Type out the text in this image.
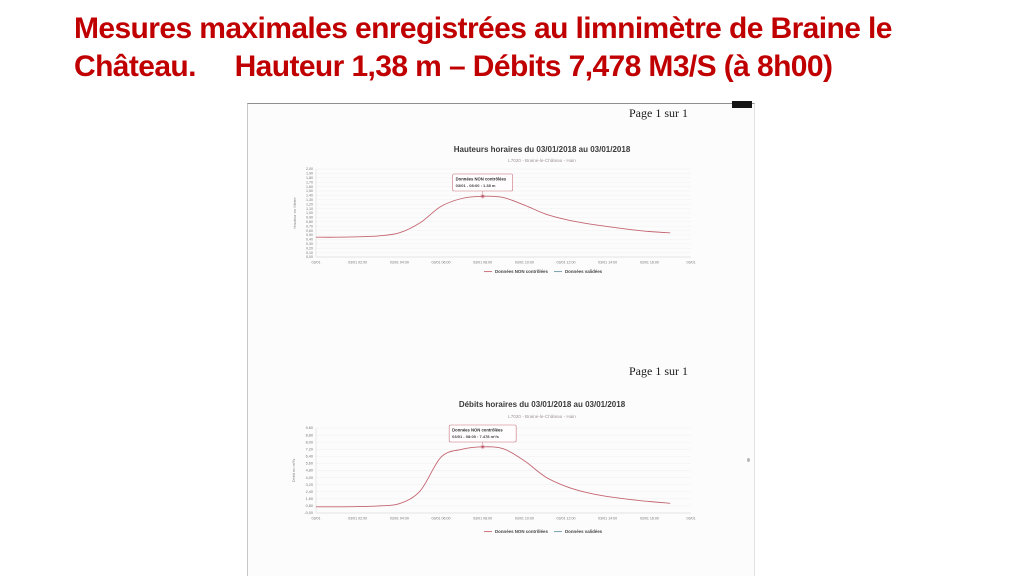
Mesures maximales enregistrées au limnimètre de Braine le
Château.     Hauteur 1,38 m – Débits 7,478 M3/S (à 8h00)
Page 1 sur 1
Page 1 sur 1
Hauteurs horaires du 03/01/2018 au 03/01/2018
L7020 - Braine-le-Château - Hain
2,00
1,90
1,80
1,70
1,60
1,50
1,40
1,30
1,20
1,10
1,00
0,90
0,80
0,70
0,60
0,50
0,40
0,30
0,20
0,10
0,00
Hauteur en Mètre
03/01	03/01 02:00	03/01 04:00	03/01 06:00	03/01 08:00	03/01 10:00	03/01 12:00	03/01 14:00	03/01 16:00	03/01
Données NON contrôlées
03/01 - 08:00 : 1.38 m
Données NON contrôlées	Données validées
Débits horaires du 03/01/2018 au 03/01/2018
L7020 - Braine-le-Château - Hain
9,60
8,80
8,00
7,20
6,40
5,60
4,80
4,00
3,20
2,40
1,60
0,80
-0,00
Débit en m³/s
03/01	03/01 02:00	03/01 04:00	03/01 06:00	03/01 08:00	03/01 10:00	03/01 12:00	03/01 14:00	03/01 16:00	03/01
Données NON contrôlées
03/01 - 08:00 : 7.478 m³/s
Données NON contrôlées	Données validées
